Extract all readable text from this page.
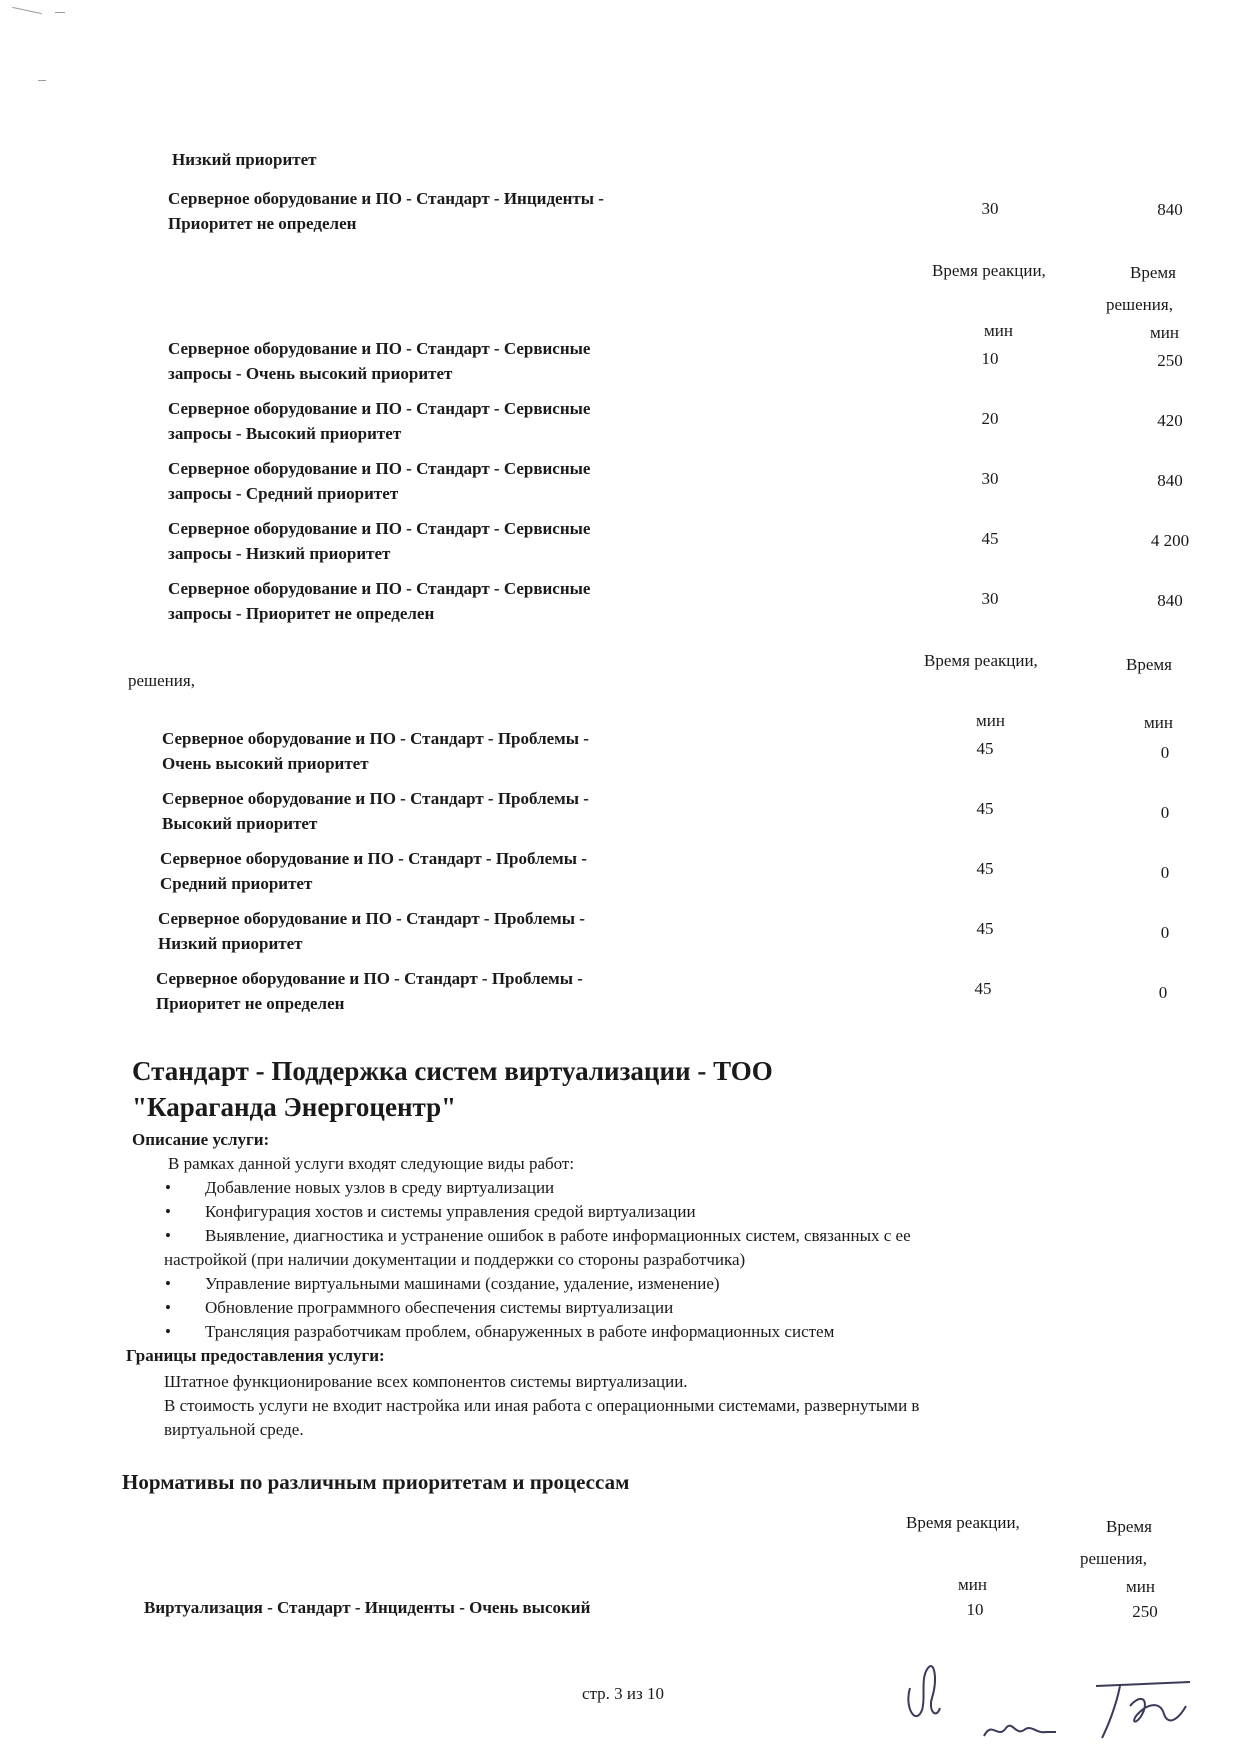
Низкий приоритет
Серверное оборудование и ПО - Стандарт - Инциденты -
Приоритет не определен
30	840
Время реакции,	Время
решения,
мин	мин
Серверное оборудование и ПО - Стандарт - Сервисные
запросы - Очень высокий приоритет
10	250
Серверное оборудование и ПО - Стандарт - Сервисные
запросы - Высокий приоритет
20	420
Серверное оборудование и ПО - Стандарт - Сервисные
запросы - Средний приоритет
30	840
Серверное оборудование и ПО - Стандарт - Сервисные
запросы - Низкий приоритет
45	4 200
Серверное оборудование и ПО - Стандарт - Сервисные
запросы - Приоритет не определен
30	840
Время реакции,	Время
решения,
мин	мин
Серверное оборудование и ПО - Стандарт - Проблемы -
Очень высокий приоритет
45	0
Серверное оборудование и ПО - Стандарт - Проблемы -
Высокий приоритет
45	0
Серверное оборудование и ПО - Стандарт - Проблемы -
Средний приоритет
45	0
Серверное оборудование и ПО - Стандарт - Проблемы -
Низкий приоритет
45	0
Серверное оборудование и ПО - Стандарт - Проблемы -
Приоритет не определен
45	0
Стандарт - Поддержка систем виртуализации - ТОО
"Караганда Энергоцентр"
Описание услуги:
В рамках данной услуги входят следующие виды работ:
• Добавление новых узлов в среду виртуализации
• Конфигурация хостов и системы управления средой виртуализации
• Выявление, диагностика и устранение ошибок в работе информационных систем, связанных с ее
настройкой (при наличии документации и поддержки со стороны разработчика)
• Управление виртуальными машинами (создание, удаление, изменение)
• Обновление программного обеспечения системы виртуализации
• Трансляция разработчикам проблем, обнаруженных в работе информационных систем
Границы предоставления услуги:
Штатное функционирование всех компонентов системы виртуализации.
В стоимость услуги не входит настройка или иная работа с операционными системами, развернутыми в
виртуальной среде.
Нормативы по различным приоритетам и процессам
Время реакции,	Время
решения,
мин	мин
Виртуализация - Стандарт - Инциденты - Очень высокий	10	250
стр. 3 из 10
